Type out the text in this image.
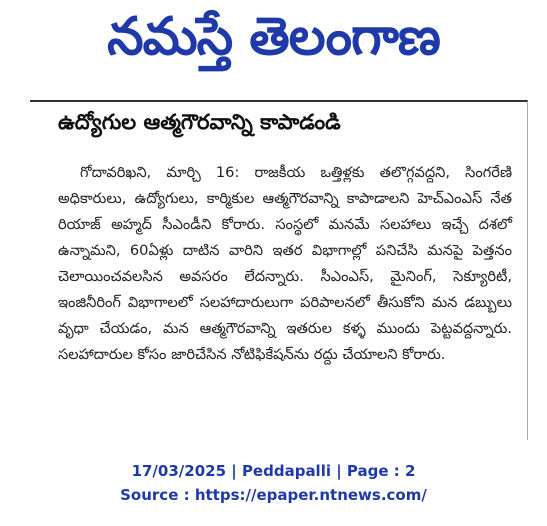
నమస్తే తెలంగాణ
ఉద్యోగుల ఆత్మగౌరవాన్ని కాపాడండి
గోదావరిఖని, మార్చి 16: రాజకీయ ఒత్తిళ్లకు తలొగ్గవద్దని, సింగరేణి అధికారులు, ఉద్యోగులు, కార్మికుల ఆత్మగౌరవాన్ని కాపాడాలని హెచ్‌ఎంఎస్ నేత రియాజ్ అహ్మద్ సీఎండీని కోరారు. సంస్థలో మనమే సలహాలు ఇచ్చే దశలో ఉన్నామని, 60ఏళ్లు దాటిన వారిని ఇతర విభాగాల్లో పనిచేసి మనపై పెత్తనం చెలాయించవలసిన అవసరం లేదన్నారు. సీఎంఎస్, మైనింగ్, సెక్యూరిటీ, ఇంజినీరింగ్ విభాగాలలో సలహాదారులుగా పరిపాలనలో తీసుకోని మన డబ్బులు వృధా చేయడం, మన ఆత్మగౌరవాన్ని ఇతరుల కళ్ళ ముందు పెట్టవద్దన్నారు. సలహాదారుల కోసం జారిచేసిన నోటిఫికేషన్‌ను రద్దు చేయాలని కోరారు.
17/03/2025 | Peddapalli | Page : 2
Source : https://epaper.ntnews.com/
